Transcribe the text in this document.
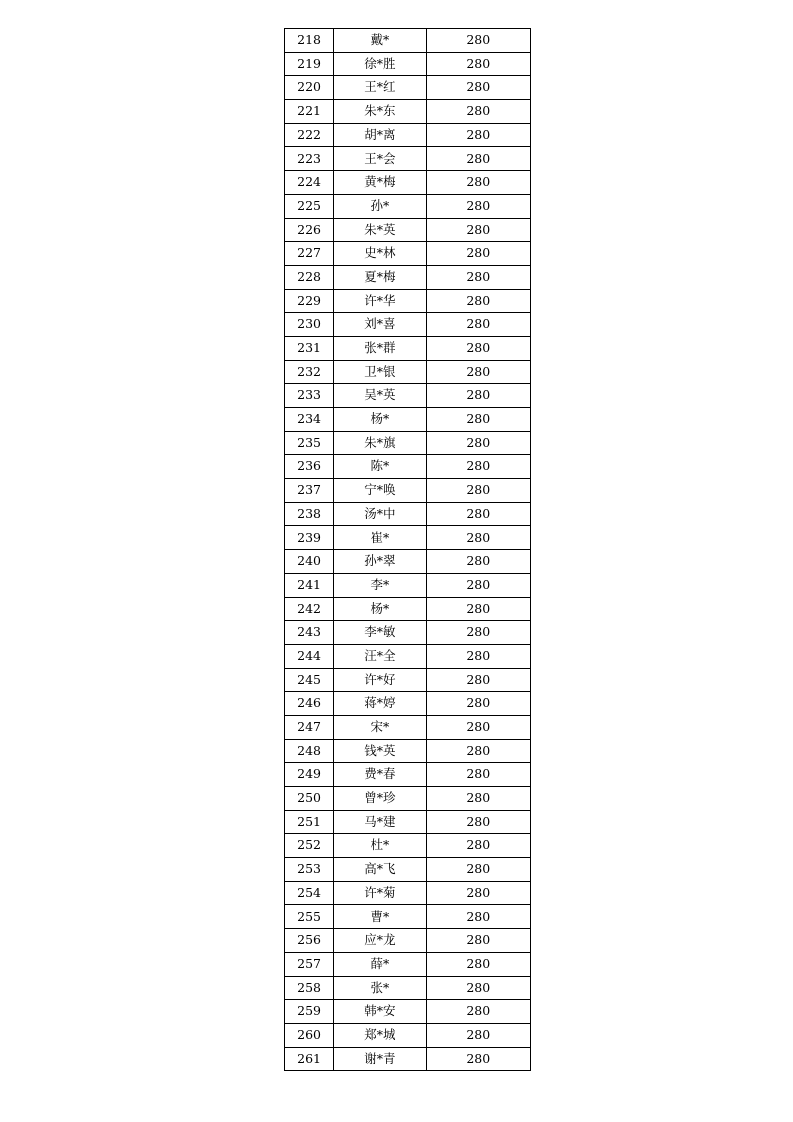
218	戴*	280
219	徐*胜	280
220	王*红	280
221	朱*东	280
222	胡*离	280
223	王*会	280
224	黄*梅	280
225	孙*	280
226	朱*英	280
227	史*林	280
228	夏*梅	280
229	许*华	280
230	刘*喜	280
231	张*群	280
232	卫*银	280
233	吴*英	280
234	杨*	280
235	朱*旗	280
236	陈*	280
237	宁*唤	280
238	汤*中	280
239	崔*	280
240	孙*翠	280
241	李*	280
242	杨*	280
243	李*敏	280
244	汪*全	280
245	许*好	280
246	蒋*婷	280
247	宋*	280
248	钱*英	280
249	费*春	280
250	曾*珍	280
251	马*建	280
252	杜*	280
253	高*飞	280
254	许*菊	280
255	曹*	280
256	应*龙	280
257	薛*	280
258	张*	280
259	韩*安	280
260	郑*城	280
261	谢*青	280
